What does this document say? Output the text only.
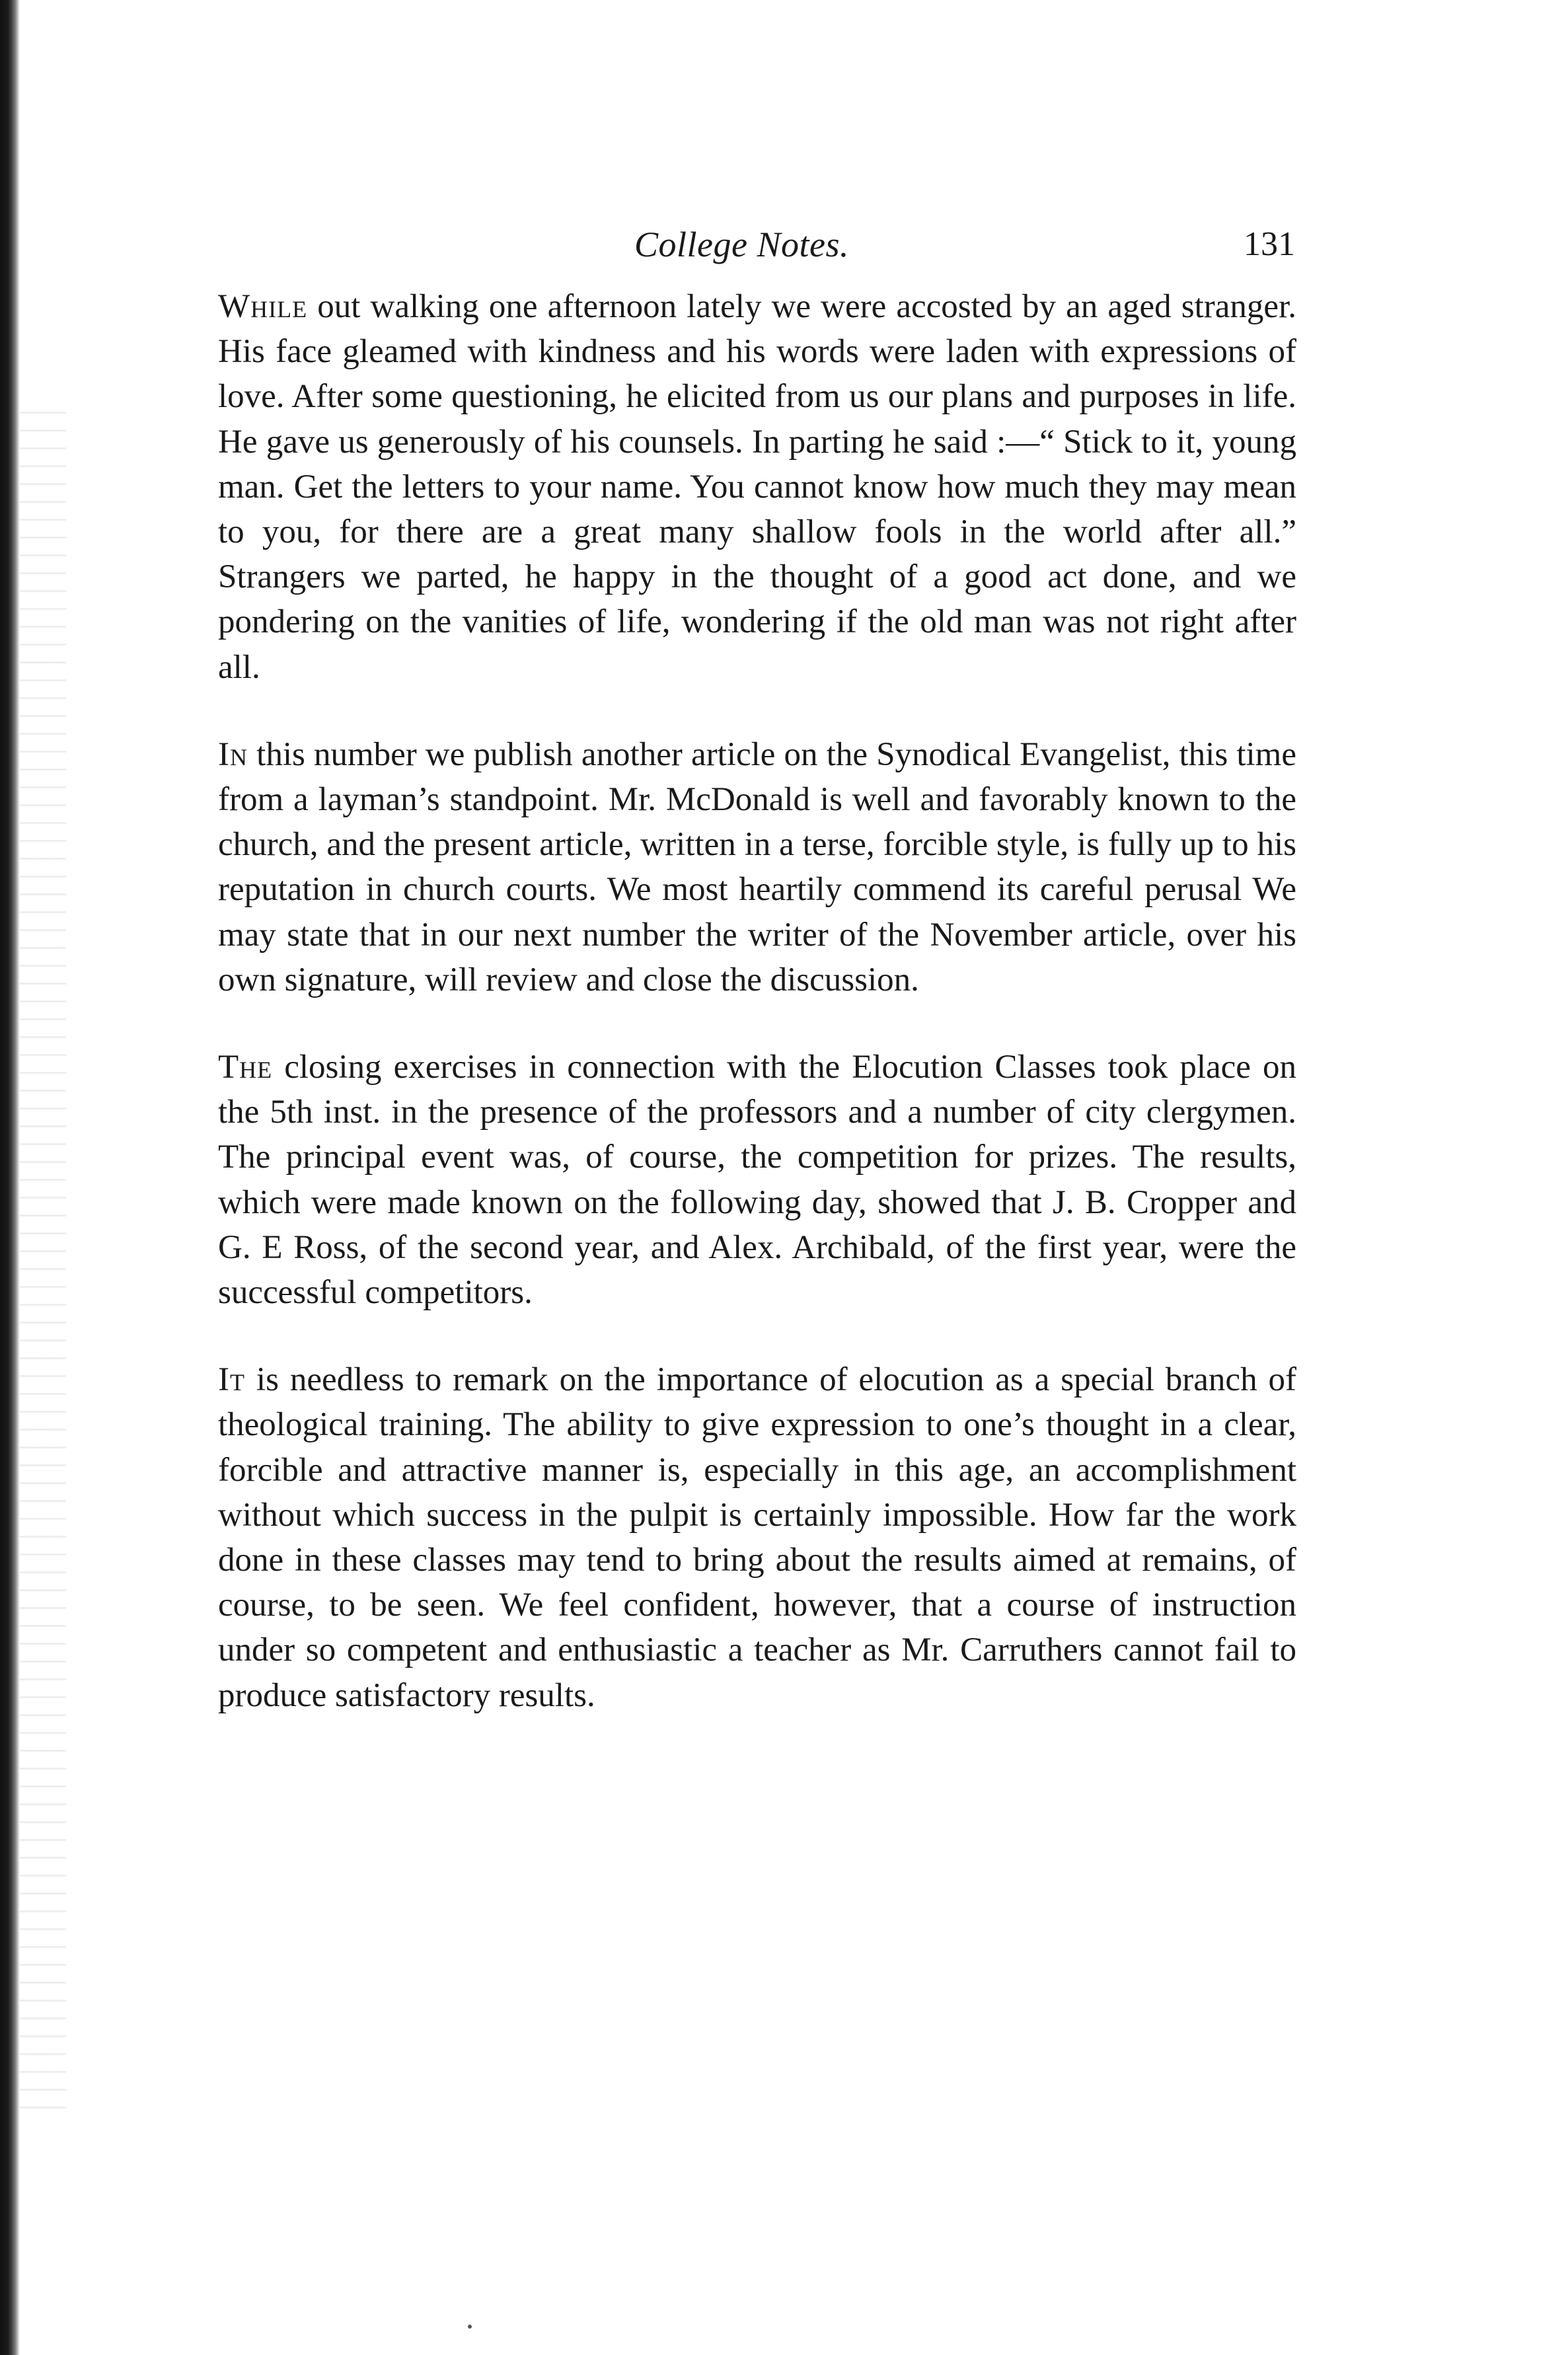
College Notes.	131

While out walking one afternoon lately we were accosted by an aged stranger. His face gleamed with kindness and his words were laden with expressions of love. After some questioning, he elicited from us our plans and purposes in life. He gave us generously of his counsels. In parting he said :—“ Stick to it, young man. Get the letters to your name. You cannot know how much they may mean to you, for there are a great many shallow fools in the world after all.” Strangers we parted, he happy in the thought of a good act done, and we pondering on the vanities of life, wondering if the old man was not right after all.

In this number we publish another article on the Synodical Evangelist, this time from a layman’s standpoint. Mr. McDonald is well and favorably known to the church, and the present article, written in a terse, forcible style, is fully up to his reputation in church courts. We most heartily commend its careful perusal We may state that in our next number the writer of the November article, over his own signature, will review and close the discussion.

The closing exercises in connection with the Elocution Classes took place on the 5th inst. in the presence of the professors and a number of city clergymen. The principal event was, of course, the competition for prizes. The results, which were made known on the following day, showed that J. B. Cropper and G. E Ross, of the second year, and Alex. Archibald, of the first year, were the successful competitors.

It is needless to remark on the importance of elocution as a special branch of theological training. The ability to give expression to one’s thought in a clear, forcible and attractive manner is, especially in this age, an accomplishment without which success in the pulpit is certainly impossible. How far the work done in these classes may tend to bring about the results aimed at remains, of course, to be seen. We feel confident, however, that a course of instruction under so competent and enthusiastic a teacher as Mr. Carruthers cannot fail to produce satisfactory results.
